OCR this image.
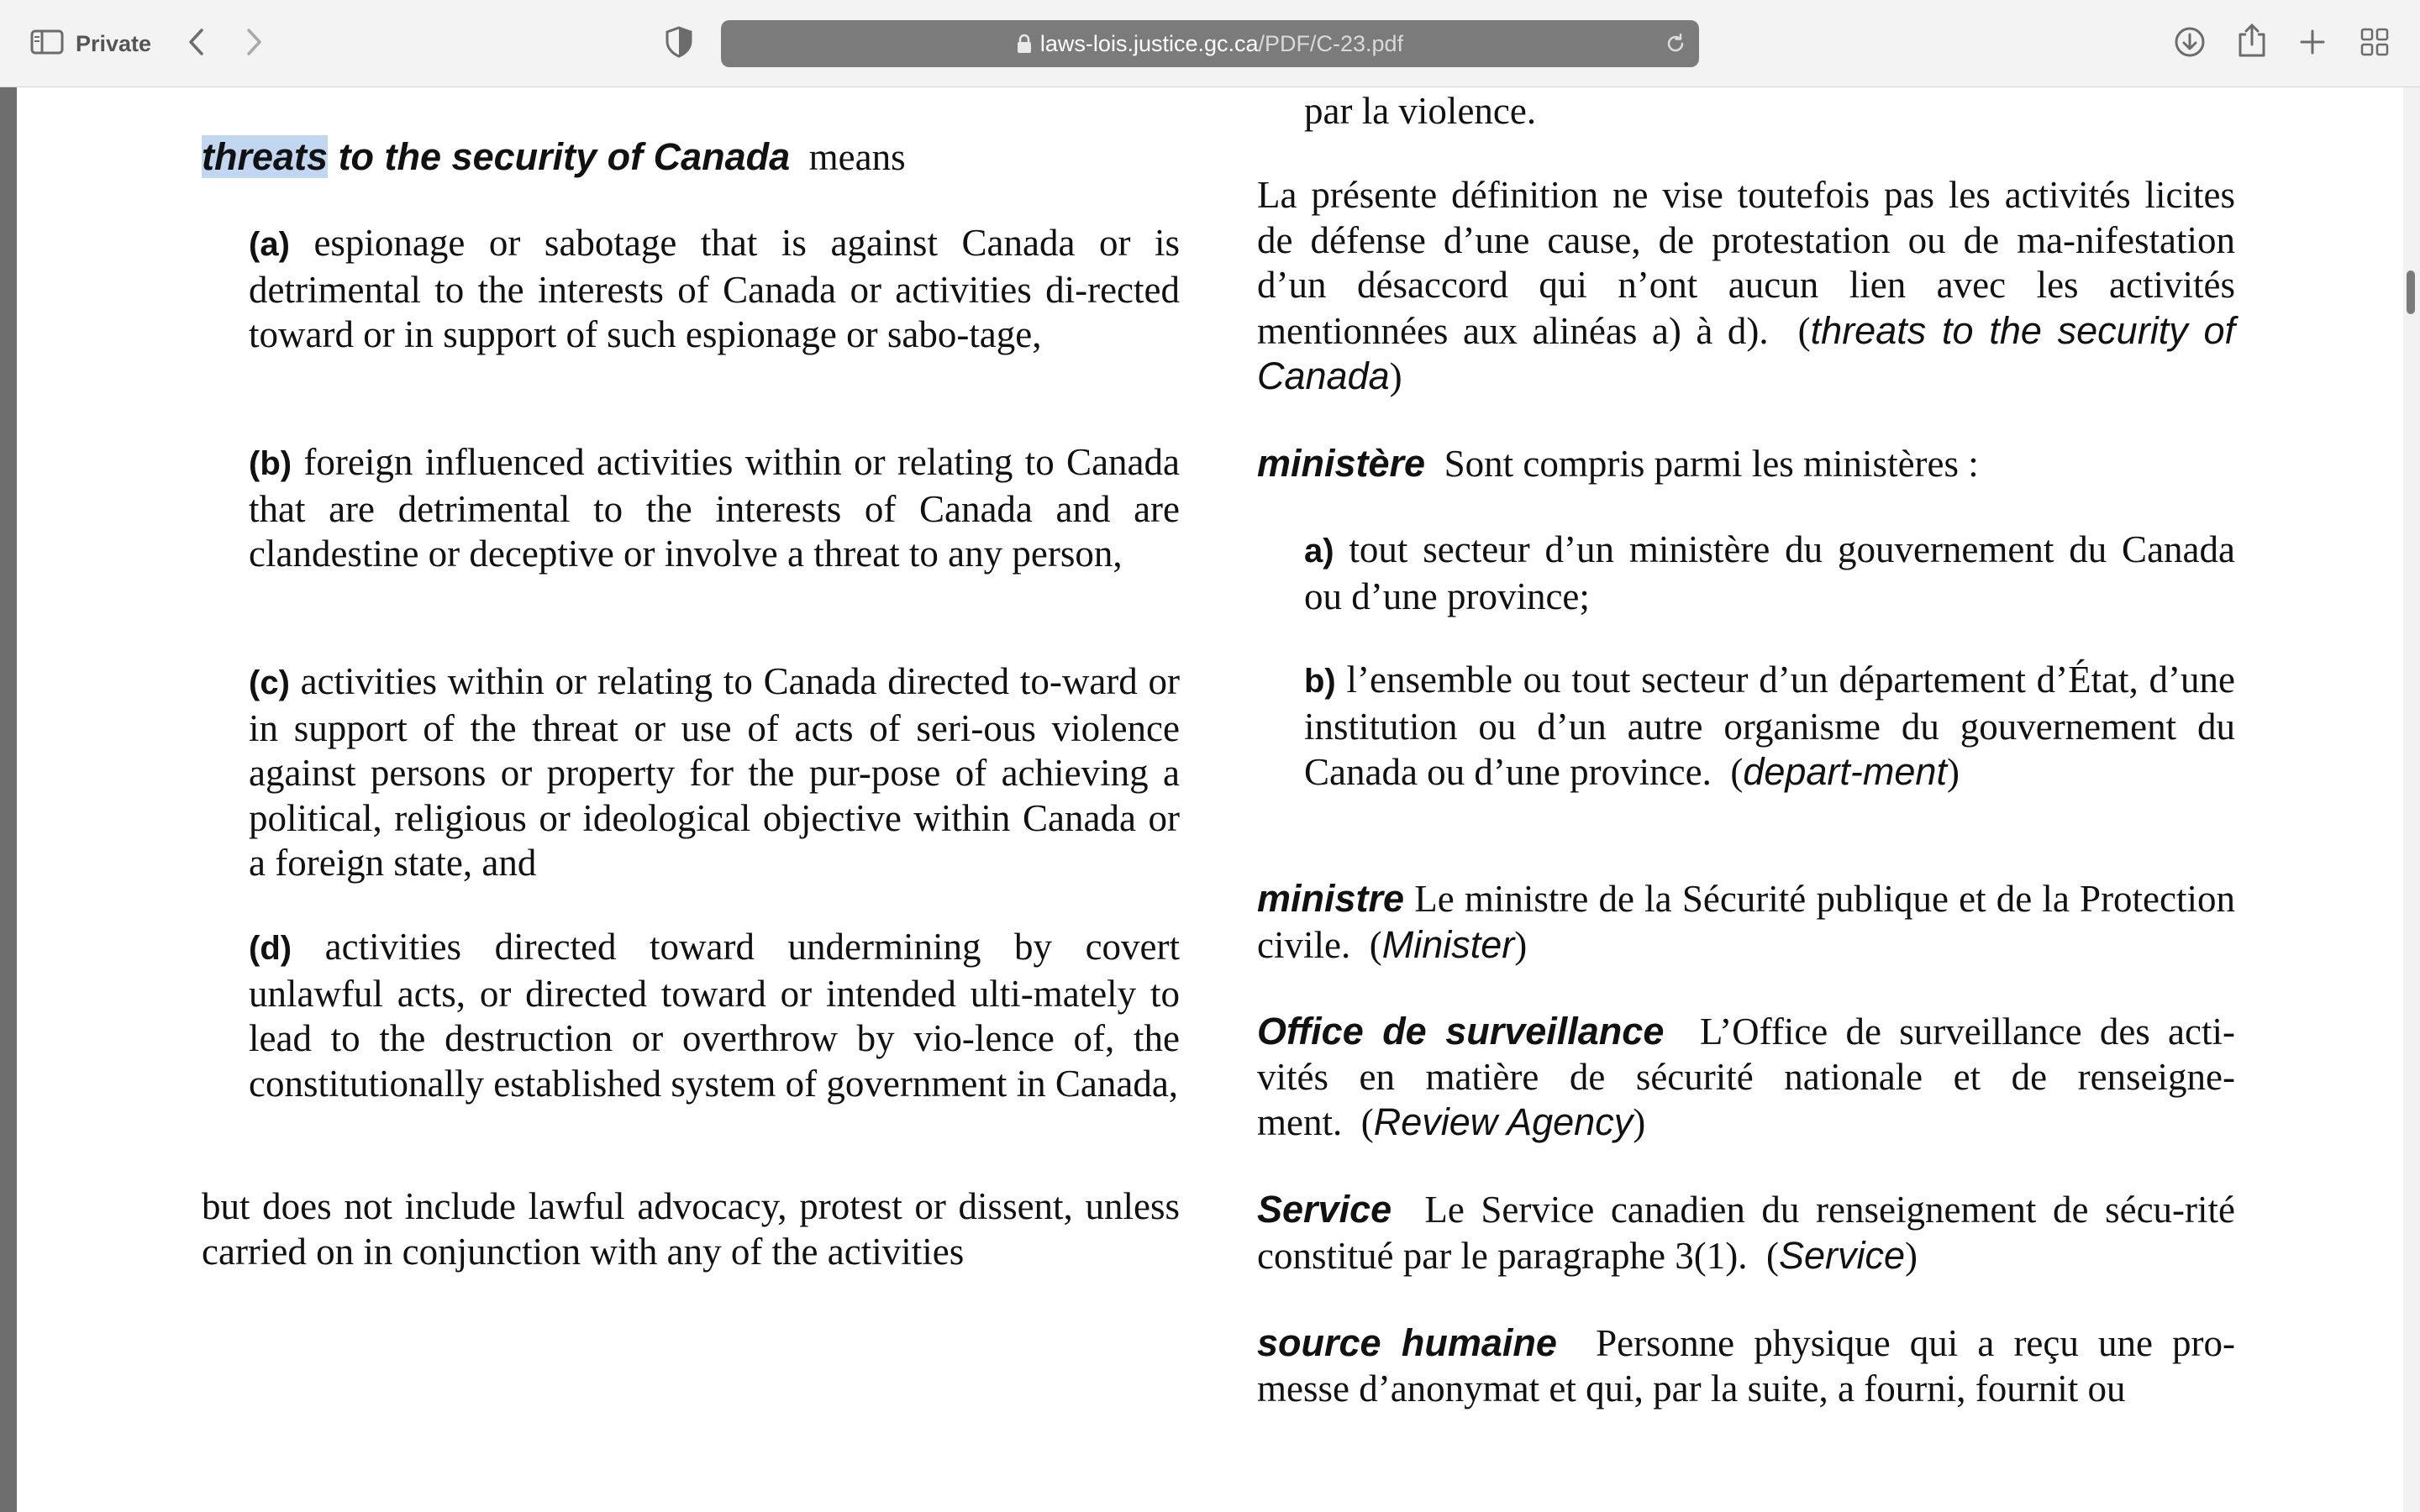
Private	laws-lois.justice.gc.ca /PDF/C-23.pdf

threats to the security of Canada means

(a) espionage or sabotage that is against Canada or is detrimental to the interests of Canada or activities di-rected toward or in support of such espionage or sabo-tage,

(b) foreign influenced activities within or relating to Canada that are detrimental to the interests of Canada and are clandestine or deceptive or involve a threat to any person,

(c) activities within or relating to Canada directed to-ward or in support of the threat or use of acts of seri-ous violence against persons or property for the pur-pose of achieving a political, religious or ideological objective within Canada or a foreign state, and

(d) activities directed toward undermining by covert unlawful acts, or directed toward or intended ulti-mately to lead to the destruction or overthrow by vio-lence of, the constitutionally established system of government in Canada,

but does not include lawful advocacy, protest or dissent, unless carried on in conjunction with any of the activities

par la violence.

La présente définition ne vise toutefois pas les activités licites de défense d’une cause, de protestation ou de ma-nifestation d’un désaccord qui n’ont aucun lien avec les activités mentionnées aux alinéas a) à d).  (threats to the security of Canada)

ministère Sont compris parmi les ministères :

a) tout secteur d’un ministère du gouvernement du Canada ou d’une province;

b) l’ensemble ou tout secteur d’un département d’État, d’une institution ou d’un autre organisme du gouvernement du Canada ou d’une province.  (depart-ment)

ministre Le ministre de la Sécurité publique et de la Protection civile.  (Minister)

Office de surveillance L’Office de surveillance des acti-vités en matière de sécurité nationale et de renseigne-ment.  (Review Agency)

Service Le Service canadien du renseignement de sécu-rité constitué par le paragraphe 3(1).  (Service)

source humaine Personne physique qui a reçu une pro-messe d’anonymat et qui, par la suite, a fourni, fournit ou
